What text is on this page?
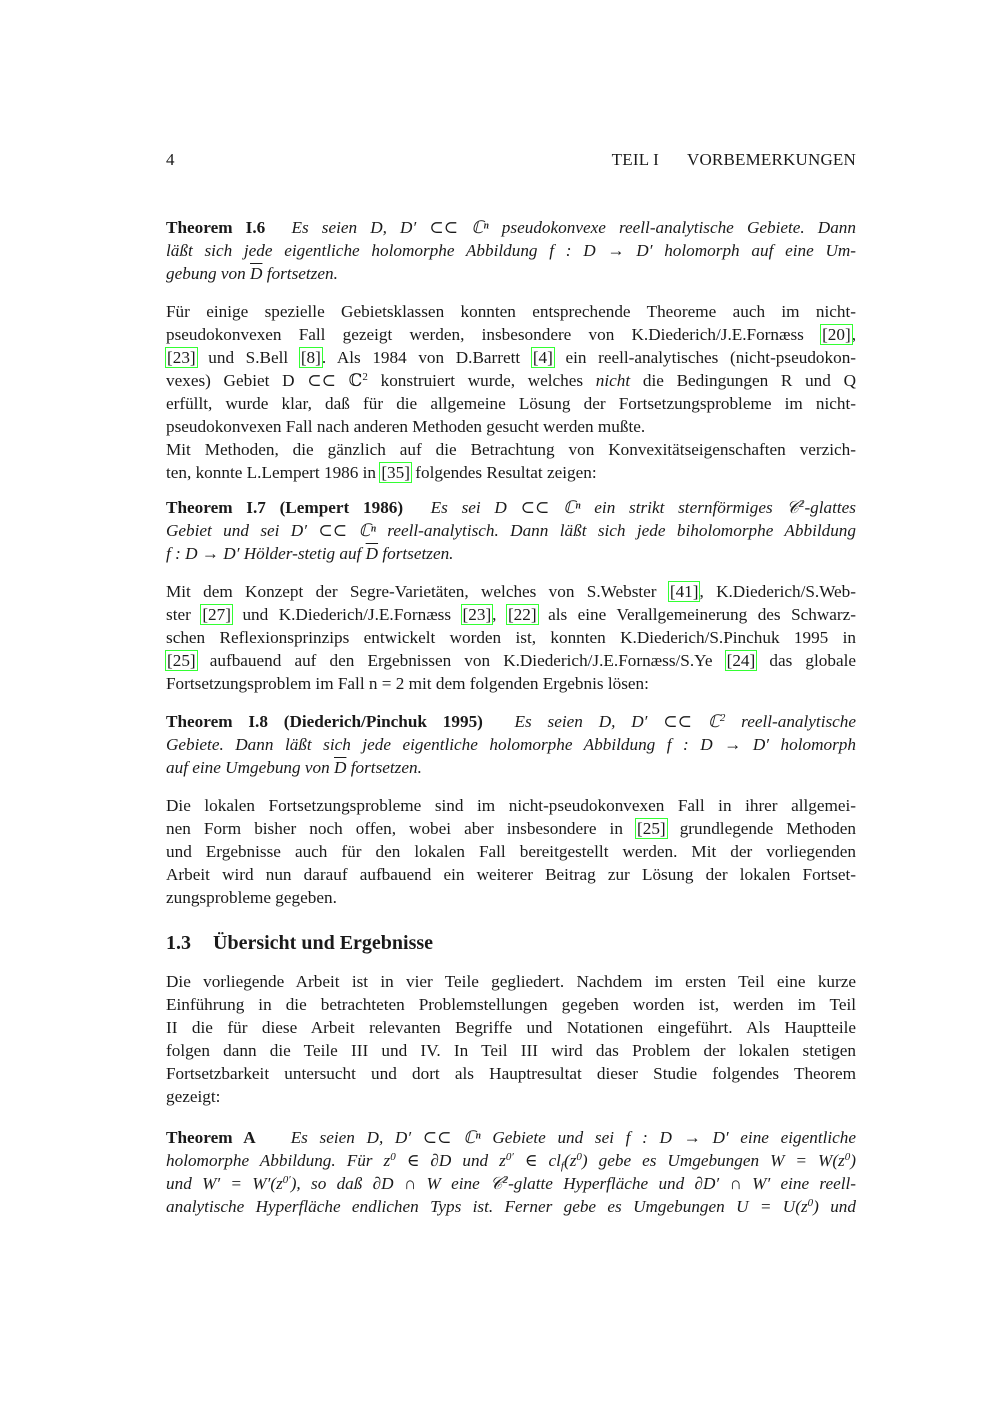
4	TEIL I VORBEMERKUNGEN
Theorem I.6 Es seien D, D′ ⊂⊂ ℂⁿ pseudokonvexe reell-analytische Gebiete. Dann
läßt sich jede eigentliche holomorphe Abbildung f : D → D′ holomorph auf eine Um-
gebung von $\overline{D}$ fortsetzen.
Für einige spezielle Gebietsklassen konnten entsprechende Theoreme auch im nicht-
pseudokonvexen Fall gezeigt werden, insbesondere von K.Diederich/J.E.Fornæss [20],
[23] und S.Bell [8]. Als 1984 von D.Barrett [4] ein reell-analytisches (nicht-pseudokon-
vexes) Gebiet D ⊂⊂ ℂ$^2$ konstruiert wurde, welches nicht die Bedingungen R und Q
erfüllt, wurde klar, daß für die allgemeine Lösung der Fortsetzungsprobleme im nicht-
pseudokonvexen Fall nach anderen Methoden gesucht werden mußte.
Mit Methoden, die gänzlich auf die Betrachtung von Konvexitätseigenschaften verzich-
ten, konnte L.Lempert 1986 in [35] folgendes Resultat zeigen:
Theorem I.7 (Lempert 1986) Es sei D ⊂⊂ ℂⁿ ein strikt sternförmiges 𝒞$^2$-glattes
Gebiet und sei D′ ⊂⊂ ℂⁿ reell-analytisch. Dann läßt sich jede biholomorphe Abbildung
f : D → D′ Hölder-stetig auf $\overline{D}$ fortsetzen.
Mit dem Konzept der Segre-Varietäten, welches von S.Webster [41], K.Diederich/S.Web-
ster [27] und K.Diederich/J.E.Fornæss [23], [22] als eine Verallgemeinerung des Schwarz-
schen Reflexionsprinzips entwickelt worden ist, konnten K.Diederich/S.Pinchuk 1995 in
[25] aufbauend auf den Ergebnissen von K.Diederich/J.E.Fornæss/S.Ye [24] das globale
Fortsetzungsproblem im Fall n = 2 mit dem folgenden Ergebnis lösen:
Theorem I.8 (Diederich/Pinchuk 1995) Es seien D, D′ ⊂⊂ ℂ$^2$ reell-analytische
Gebiete. Dann läßt sich jede eigentliche holomorphe Abbildung f : D → D′ holomorph
auf eine Umgebung von $\overline{D}$ fortsetzen.
Die lokalen Fortsetzungsprobleme sind im nicht-pseudokonvexen Fall in ihrer allgemei-
nen Form bisher noch offen, wobei aber insbesondere in [25] grundlegende Methoden
und Ergebnisse auch für den lokalen Fall bereitgestellt werden. Mit der vorliegenden
Arbeit wird nun darauf aufbauend ein weiterer Beitrag zur Lösung der lokalen Fortset-
zungsprobleme gegeben.
1.3 Übersicht und Ergebnisse
Die vorliegende Arbeit ist in vier Teile gegliedert. Nachdem im ersten Teil eine kurze
Einführung in die betrachteten Problemstellungen gegeben worden ist, werden im Teil
II die für diese Arbeit relevanten Begriffe und Notationen eingeführt. Als Hauptteile
folgen dann die Teile III und IV. In Teil III wird das Problem der lokalen stetigen
Fortsetzbarkeit untersucht und dort als Hauptresultat dieser Studie folgendes Theorem
gezeigt:
Theorem A Es seien D, D′ ⊂⊂ ℂⁿ Gebiete und sei f : D → D′ eine eigentliche
holomorphe Abbildung. Für $z^0$ ∈ ∂D und $z^{0'}$ ∈ $cl_f(z^0)$ gebe es Umgebungen $W = W(z^0)$
und $W' = W'(z^{0'})$, so daß ∂D ∩ W eine 𝒞$^2$-glatte Hyperfläche und ∂D′ ∩ W′ eine reell-
analytische Hyperfläche endlichen Typs ist. Ferner gebe es Umgebungen $U = U(z^0)$ und
